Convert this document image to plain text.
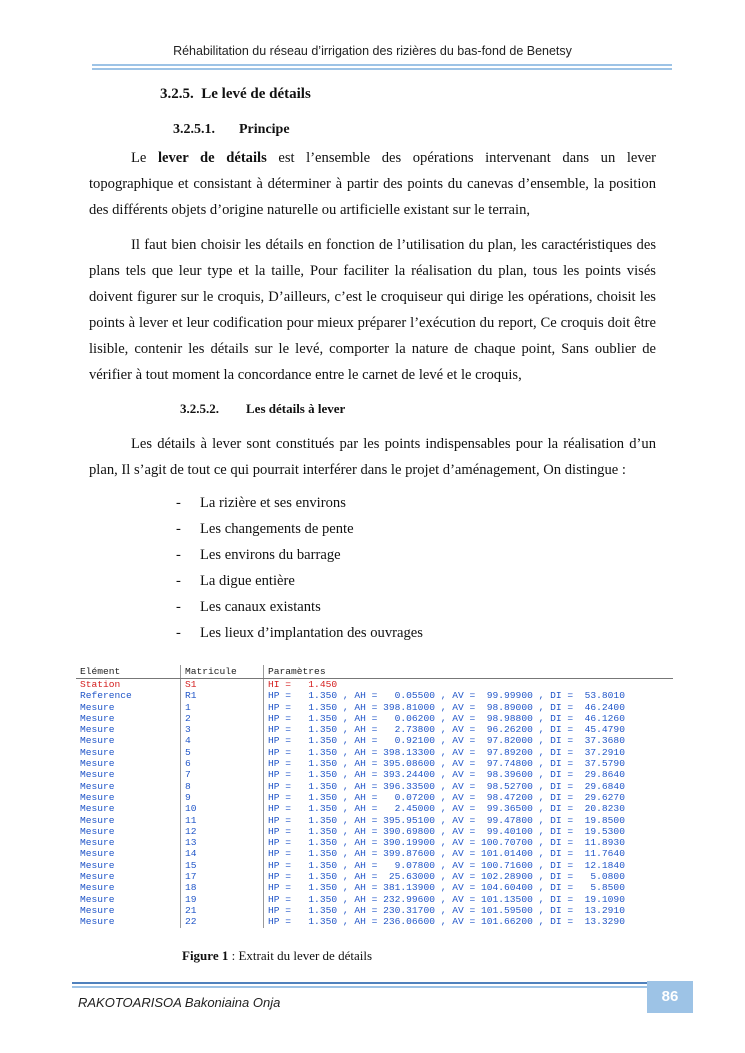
Réhabilitation du réseau d’irrigation des rizières du bas-fond de Benetsy
3.2.5. Le levé de détails
3.2.5.1. Principe

Le lever de détails est l’ensemble des opérations intervenant dans un lever topographique et consistant à déterminer à partir des points du canevas d’ensemble, la position des différents objets d’origine naturelle ou artificielle existant sur le terrain,

Il faut bien choisir les détails en fonction de l’utilisation du plan, les caractéristiques des plans tels que leur type et la taille, Pour faciliter la réalisation du plan, tous les points visés doivent figurer sur le croquis, D’ailleurs, c’est le croquiseur qui dirige les opérations, choisit les points à lever et leur codification pour mieux préparer l’exécution du report, Ce croquis doit être lisible, contenir les détails sur le levé, comporter la nature de chaque point, Sans oublier de vérifier à tout moment la concordance entre le carnet de levé et le croquis,

3.2.5.2. Les détails à lever

Les détails à lever sont constitués par les points indispensables pour la réalisation d’un plan, Il s’agit de tout ce qui pourrait interférer dans le projet d’aménagement, On distingue :

- La rizière et ses environs
- Les changements de pente
- Les environs du barrage
- La digue entière
- Les canaux existants
- Les lieux d’implantation des ouvrages
Elément	Matricule	Paramètres
Station	S1	HI =   1.450
Reference	R1	HP =   1.350 , AH =   0.05500 , AV =  99.99900 , DI =  53.8010
Mesure	1	HP =   1.350 , AH = 398.81000 , AV =  98.89000 , DI =  46.2400
Mesure	2	HP =   1.350 , AH =   0.06200 , AV =  98.98800 , DI =  46.1260
Mesure	3	HP =   1.350 , AH =   2.73800 , AV =  96.26200 , DI =  45.4790
Mesure	4	HP =   1.350 , AH =   0.92100 , AV =  97.82000 , DI =  37.3680
Mesure	5	HP =   1.350 , AH = 398.13300 , AV =  97.89200 , DI =  37.2910
Mesure	6	HP =   1.350 , AH = 395.08600 , AV =  97.74800 , DI =  37.5790
Mesure	7	HP =   1.350 , AH = 393.24400 , AV =  98.39600 , DI =  29.8640
Mesure	8	HP =   1.350 , AH = 396.33500 , AV =  98.52700 , DI =  29.6840
Mesure	9	HP =   1.350 , AH =   0.07200 , AV =  98.47200 , DI =  29.6270
Mesure	10	HP =   1.350 , AH =   2.45000 , AV =  99.36500 , DI =  20.8230
Mesure	11	HP =   1.350 , AH = 395.95100 , AV =  99.47800 , DI =  19.8500
Mesure	12	HP =   1.350 , AH = 390.69800 , AV =  99.40100 , DI =  19.5300
Mesure	13	HP =   1.350 , AH = 390.19900 , AV = 100.70700 , DI =  11.8930
Mesure	14	HP =   1.350 , AH = 399.87600 , AV = 101.01400 , DI =  11.7640
Mesure	15	HP =   1.350 , AH =   9.07800 , AV = 100.71600 , DI =  12.1840
Mesure	17	HP =   1.350 , AH =  25.63000 , AV = 102.28900 , DI =   5.0800
Mesure	18	HP =   1.350 , AH = 381.13900 , AV = 104.60400 , DI =   5.8500
Mesure	19	HP =   1.350 , AH = 232.99600 , AV = 101.13500 , DI =  19.1090
Mesure	21	HP =   1.350 , AH = 230.31700 , AV = 101.59500 , DI =  13.2910
Mesure	22	HP =   1.350 , AH = 236.06600 , AV = 101.66200 , DI =  13.3290
Figure 1 : Extrait du lever de détails
RAKOTOARISOA Bakoniaina Onja	86
